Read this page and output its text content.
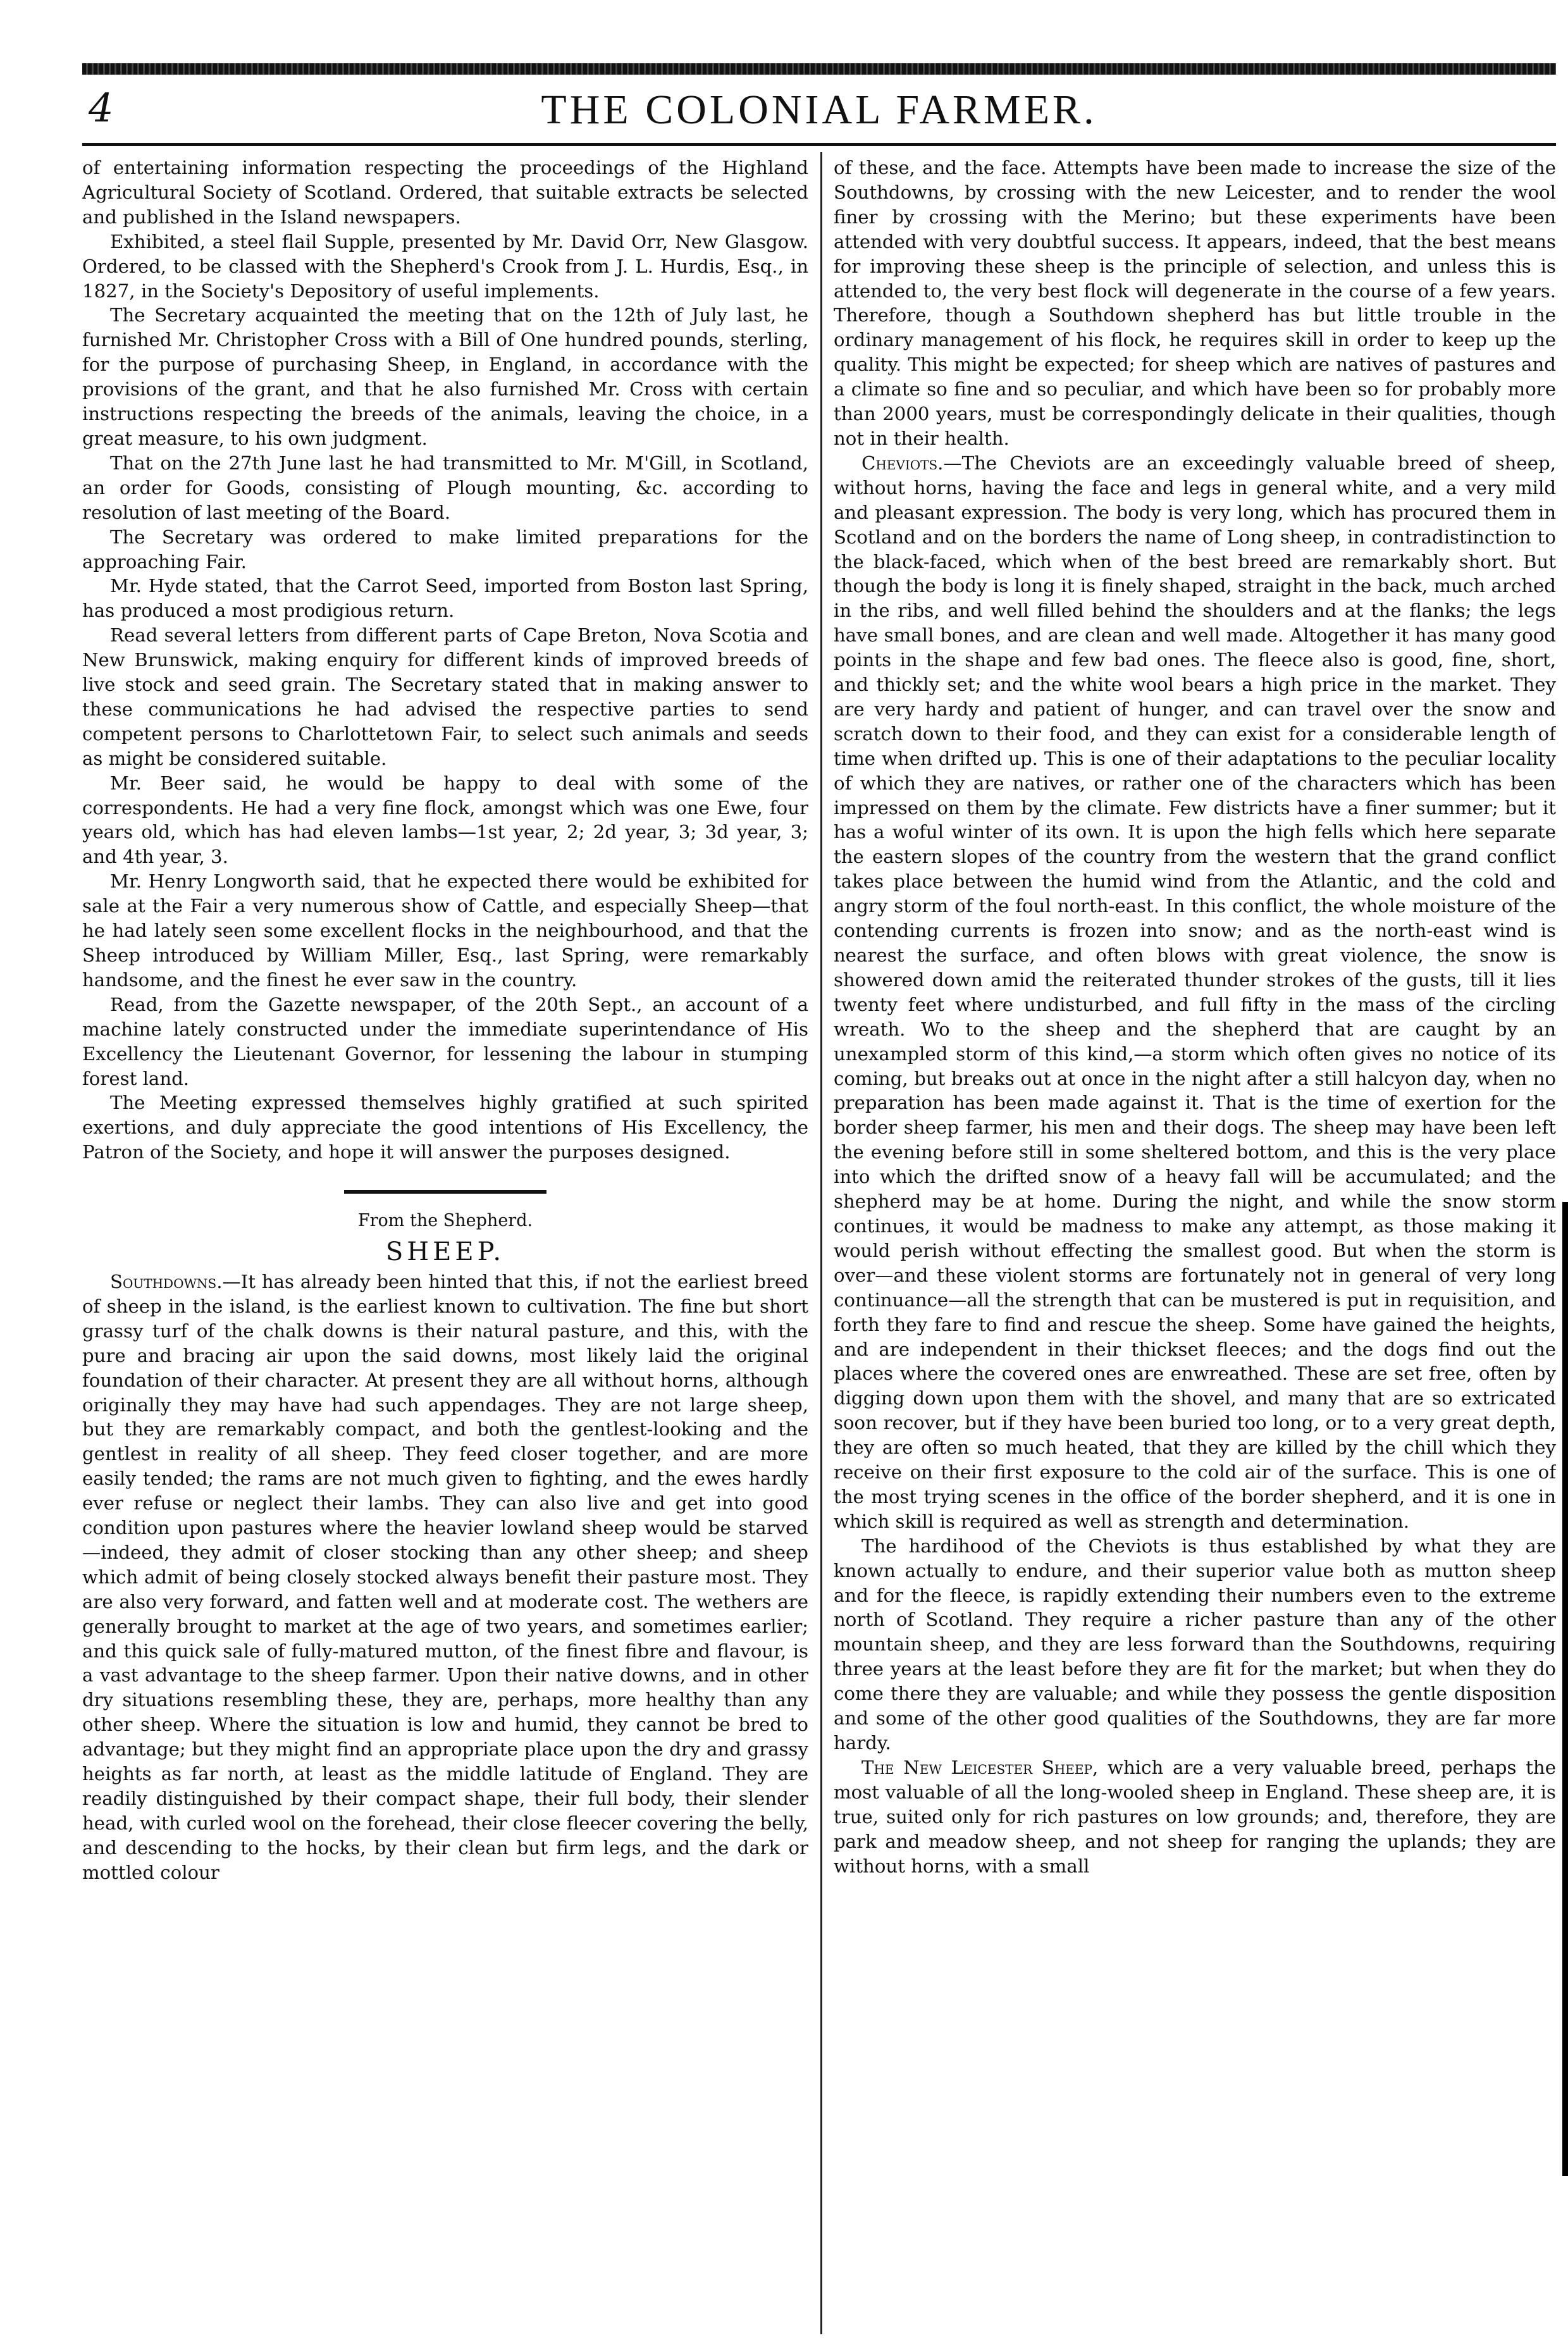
4	THE COLONIAL FARMER.

of entertaining information respecting the proceedings of the Highland Agricultural Society of Scotland. Ordered, that suitable extracts be selected and published in the Island newspapers.

Exhibited, a steel flail Supple, presented by Mr. David Orr, New Glasgow. Ordered, to be classed with the Shepherd's Crook from J. L. Hurdis, Esq., in 1827, in the Society's Depository of useful implements.

The Secretary acquainted the meeting that on the 12th of July last, he furnished Mr. Christopher Cross with a Bill of One hundred pounds, sterling, for the purpose of purchasing Sheep, in England, in accordance with the provisions of the grant, and that he also furnished Mr. Cross with certain instructions respecting the breeds of the animals, leaving the choice, in a great measure, to his own judgment.

That on the 27th June last he had transmitted to Mr. M'Gill, in Scotland, an order for Goods, consisting of Plough mounting, &c. according to resolution of last meeting of the Board.

The Secretary was ordered to make limited preparations for the approaching Fair.

Mr. Hyde stated, that the Carrot Seed, imported from Boston last Spring, has produced a most prodigious return.

Read several letters from different parts of Cape Breton, Nova Scotia and New Brunswick, making enquiry for different kinds of improved breeds of live stock and seed grain. The Secretary stated that in making answer to these communications he had advised the respective parties to send competent persons to Charlottetown Fair, to select such animals and seeds as might be considered suitable.

Mr. Beer said, he would be happy to deal with some of the correspondents. He had a very fine flock, amongst which was one Ewe, four years old, which has had eleven lambs—1st year, 2; 2d year, 3; 3d year, 3; and 4th year, 3.

Mr. Henry Longworth said, that he expected there would be exhibited for sale at the Fair a very numerous show of Cattle, and especially Sheep—that he had lately seen some excellent flocks in the neighbourhood, and that the Sheep introduced by William Miller, Esq., last Spring, were remarkably handsome, and the finest he ever saw in the country.

Read, from the Gazette newspaper, of the 20th Sept., an account of a machine lately constructed under the immediate superintendance of His Excellency the Lieutenant Governor, for lessening the labour in stumping forest land.

The Meeting expressed themselves highly gratified at such spirited exertions, and duly appreciate the good intentions of His Excellency, the Patron of the Society, and hope it will answer the purposes designed.

From the Shepherd.

SHEEP.

Southdowns.—It has already been hinted that this, if not the earliest breed of sheep in the island, is the earliest known to cultivation. The fine but short grassy turf of the chalk downs is their natural pasture, and this, with the pure and bracing air upon the said downs, most likely laid the original foundation of their character. At present they are all without horns, although originally they may have had such appendages. They are not large sheep, but they are remarkably compact, and both the gentlest-looking and the gentlest in reality of all sheep. They feed closer together, and are more easily tended; the rams are not much given to fighting, and the ewes hardly ever refuse or neglect their lambs. They can also live and get into good condition upon pastures where the heavier lowland sheep would be starved—indeed, they admit of closer stocking than any other sheep; and sheep which admit of being closely stocked always benefit their pasture most. They are also very forward, and fatten well and at moderate cost. The wethers are generally brought to market at the age of two years, and sometimes earlier; and this quick sale of fully-matured mutton, of the finest fibre and flavour, is a vast advantage to the sheep farmer. Upon their native downs, and in other dry situations resembling these, they are, perhaps, more healthy than any other sheep. Where the situation is low and humid, they cannot be bred to advantage; but they might find an appropriate place upon the dry and grassy heights as far north, at least as the middle latitude of England. They are readily distinguished by their compact shape, their full body, their slender head, with curled wool on the forehead, their close fleecer covering the belly, and descending to the hocks, by their clean but firm legs, and the dark or mottled colour

of these, and the face. Attempts have been made to increase the size of the Southdowns, by crossing with the new Leicester, and to render the wool finer by crossing with the Merino; but these experiments have been attended with very doubtful success. It appears, indeed, that the best means for improving these sheep is the principle of selection, and unless this is attended to, the very best flock will degenerate in the course of a few years. Therefore, though a Southdown shepherd has but little trouble in the ordinary management of his flock, he requires skill in order to keep up the quality. This might be expected; for sheep which are natives of pastures and a climate so fine and so peculiar, and which have been so for probably more than 2000 years, must be correspondingly delicate in their qualities, though not in their health.

Cheviots.—The Cheviots are an exceedingly valuable breed of sheep, without horns, having the face and legs in general white, and a very mild and pleasant expression. The body is very long, which has procured them in Scotland and on the borders the name of Long sheep, in contradistinction to the black-faced, which when of the best breed are remarkably short. But though the body is long it is finely shaped, straight in the back, much arched in the ribs, and well filled behind the shoulders and at the flanks; the legs have small bones, and are clean and well made. Altogether it has many good points in the shape and few bad ones. The fleece also is good, fine, short, and thickly set; and the white wool bears a high price in the market. They are very hardy and patient of hunger, and can travel over the snow and scratch down to their food, and they can exist for a considerable length of time when drifted up. This is one of their adaptations to the peculiar locality of which they are natives, or rather one of the characters which has been impressed on them by the climate. Few districts have a finer summer; but it has a woful winter of its own. It is upon the high fells which here separate the eastern slopes of the country from the western that the grand conflict takes place between the humid wind from the Atlantic, and the cold and angry storm of the foul north-east. In this conflict, the whole moisture of the contending currents is frozen into snow; and as the north-east wind is nearest the surface, and often blows with great violence, the snow is showered down amid the reiterated thunder strokes of the gusts, till it lies twenty feet where undisturbed, and full fifty in the mass of the circling wreath. Wo to the sheep and the shepherd that are caught by an unexampled storm of this kind,—a storm which often gives no notice of its coming, but breaks out at once in the night after a still halcyon day, when no preparation has been made against it. That is the time of exertion for the border sheep farmer, his men and their dogs. The sheep may have been left the evening before still in some sheltered bottom, and this is the very place into which the drifted snow of a heavy fall will be accumulated; and the shepherd may be at home. During the night, and while the snow storm continues, it would be madness to make any attempt, as those making it would perish without effecting the smallest good. But when the storm is over—and these violent storms are fortunately not in general of very long continuance—all the strength that can be mustered is put in requisition, and forth they fare to find and rescue the sheep. Some have gained the heights, and are independent in their thickset fleeces; and the dogs find out the places where the covered ones are enwreathed. These are set free, often by digging down upon them with the shovel, and many that are so extricated soon recover, but if they have been buried too long, or to a very great depth, they are often so much heated, that they are killed by the chill which they receive on their first exposure to the cold air of the surface. This is one of the most trying scenes in the office of the border shepherd, and it is one in which skill is required as well as strength and determination.

The hardihood of the Cheviots is thus established by what they are known actually to endure, and their superior value both as mutton sheep and for the fleece, is rapidly extending their numbers even to the extreme north of Scotland. They require a richer pasture than any of the other mountain sheep, and they are less forward than the Southdowns, requiring three years at the least before they are fit for the market; but when they do come there they are valuable; and while they possess the gentle disposition and some of the other good qualities of the Southdowns, they are far more hardy.

The New Leicester Sheep, which are a very valuable breed, perhaps the most valuable of all the long-wooled sheep in England. These sheep are, it is true, suited only for rich pastures on low grounds; and, therefore, they are park and meadow sheep, and not sheep for ranging the uplands; they are without horns, with a small
